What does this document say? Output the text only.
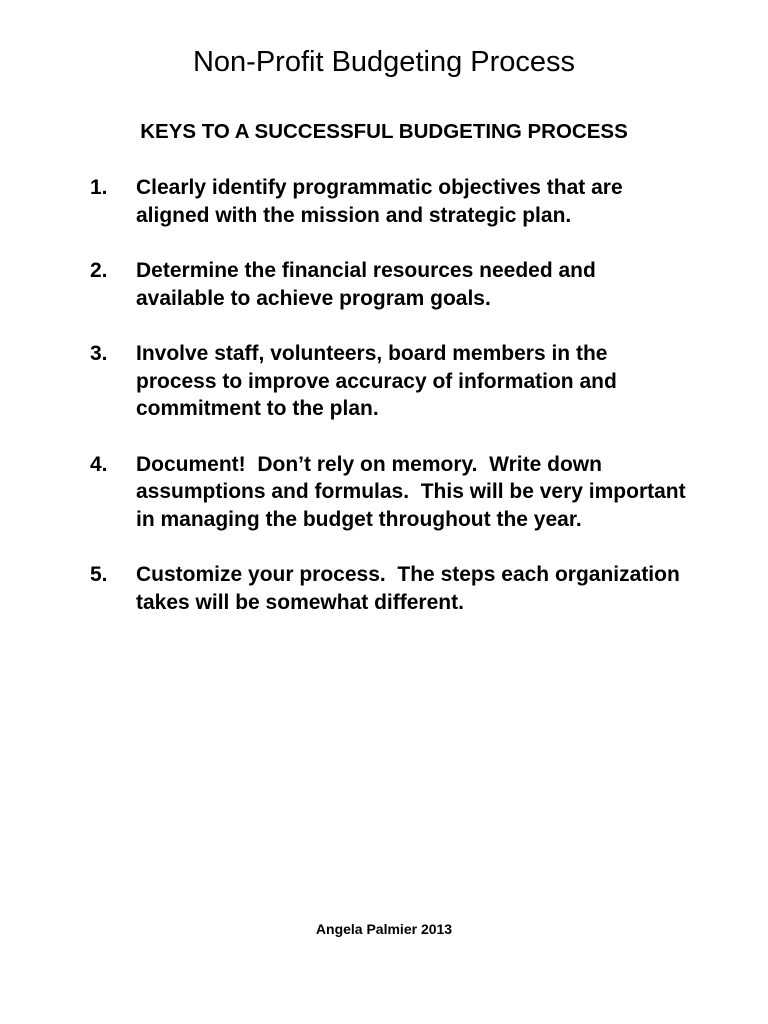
Non-Profit Budgeting Process
KEYS TO A SUCCESSFUL BUDGETING PROCESS
1.	Clearly identify programmatic objectives that are aligned with the mission and strategic plan.
2.	Determine the financial resources needed and available to achieve program goals.
3.	Involve staff, volunteers, board members in the process to improve accuracy of information and commitment to the plan.
4.	Document!  Don’t rely on memory.  Write down assumptions and formulas.  This will be very important in managing the budget throughout the year.
5.	Customize your process.  The steps each organization takes will be somewhat different.

Angela Palmier 2013
